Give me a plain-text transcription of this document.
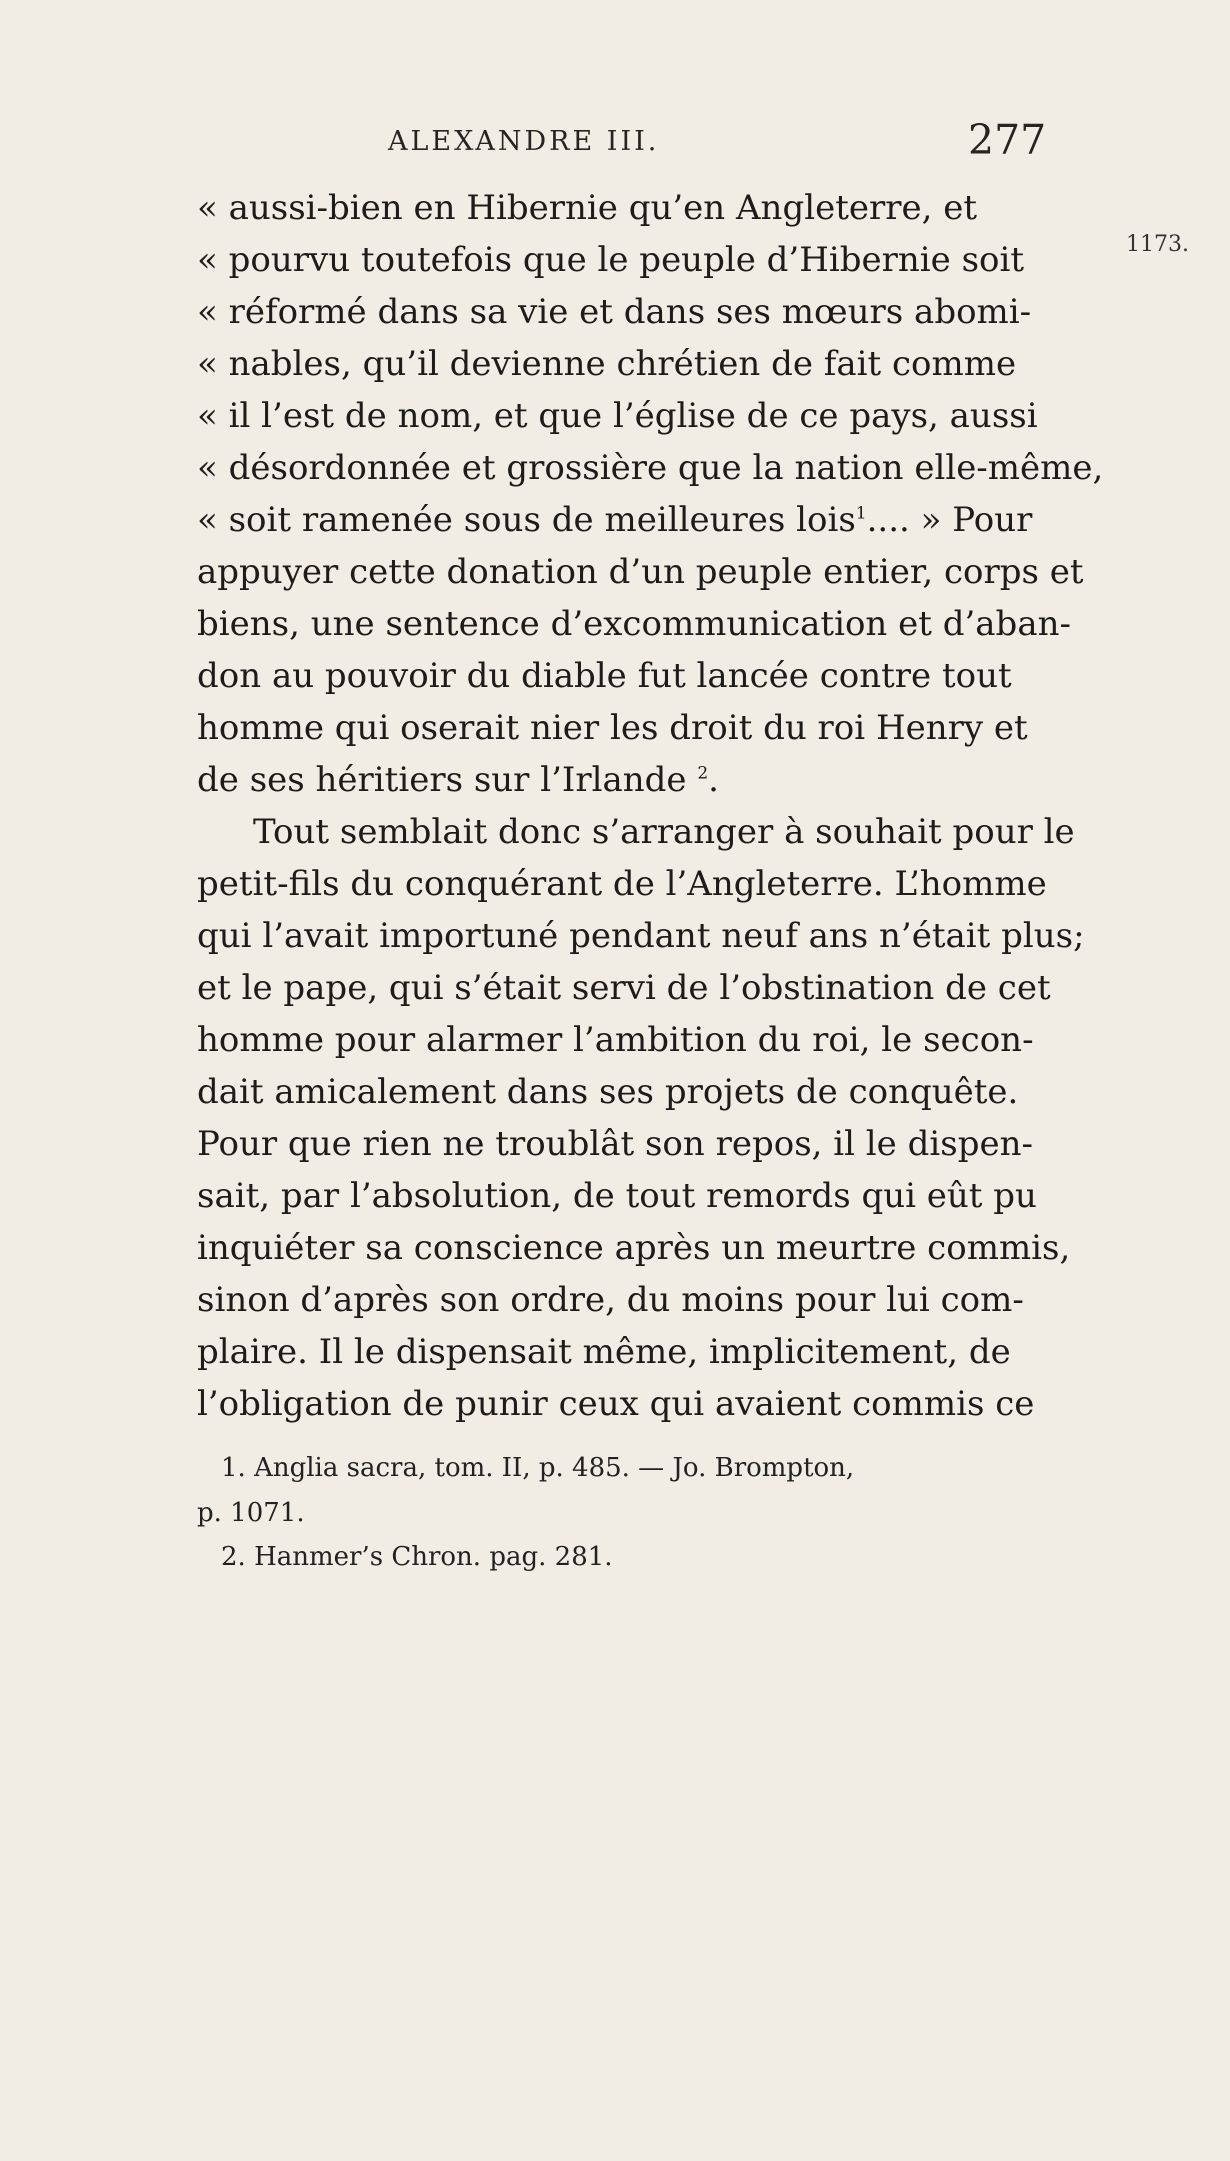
ALEXANDRE III.	277
1173.
« aussi-bien en Hibernie qu’en Angleterre, et
« pourvu toutefois que le peuple d’Hibernie soit
« réformé dans sa vie et dans ses mœurs abomi-
« nables, qu’il devienne chrétien de fait comme
« il l’est de nom, et que l’église de ce pays, aussi
« désordonnée et grossière que la nation elle-même,
« soit ramenée sous de meilleures lois$^1$.... » Pour
appuyer cette donation d’un peuple entier, corps et
biens, une sentence d’excommunication et d’aban-
don au pouvoir du diable fut lancée contre tout
homme qui oserait nier les droit du roi Henry et
de ses héritiers sur l’Irlande $^2$.
Tout semblait donc s’arranger à souhait pour le
petit-fils du conquérant de l’Angleterre. L’homme
qui l’avait importuné pendant neuf ans n’était plus;
et le pape, qui s’était servi de l’obstination de cet
homme pour alarmer l’ambition du roi, le secon-
dait amicalement dans ses projets de conquête.
Pour que rien ne troublât son repos, il le dispen-
sait, par l’absolution, de tout remords qui eût pu
inquiéter sa conscience après un meurtre commis,
sinon d’après son ordre, du moins pour lui com-
plaire. Il le dispensait même, implicitement, de
l’obligation de punir ceux qui avaient commis ce
1. Anglia sacra, tom. II, p. 485. — Jo. Brompton,
p. 1071.
2. Hanmer’s Chron. pag. 281.
